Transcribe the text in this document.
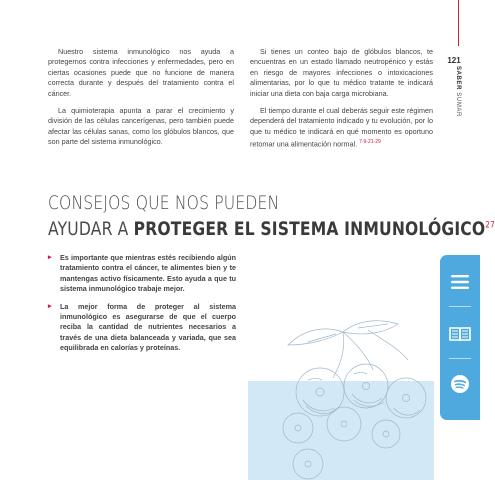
121
SABER SUMAR

Nuestro sistema inmunológico nos ayuda a protegernos contra infecciones y enfermedades, pero en ciertas ocasiones puede que no funcione de manera correcta durante y después del tratamiento contra el cáncer.

La quimioterapia apunta a parar el crecimiento y división de las células cancerígenas, pero también puede afectar las células sanas, como los glóbulos blancos, que son parte del sistema inmunológico.

Si tienes un conteo bajo de glóbulos blancos, te encuentras en un estado llamado neutropénico y estás en riesgo de mayores infecciones o intoxicaciones alimentarias, por lo que tu médico tratante te indicará iniciar una dieta con baja carga microbiana.

El tiempo durante el cual deberás seguir este régimen dependerá del tratamiento indicado y tu evolución, por lo que tu médico te indicará en qué momento es oportuno retomar una alimentación normal. $^{7-9-21-29}$

CONSEJOS QUE NOS PUEDEN
AYUDAR A PROTEGER EL SISTEMA INMUNOLÓGICO$^{27}$
▸ Es importante que mientras estés recibiendo algún tratamiento contra el cáncer, te alimentes bien y te mantengas activo físicamente. Esto ayuda a que tu sistema inmunológico trabaje mejor.
▸ La mejor forma de proteger al sistema inmunológico es asegurarse de que el cuerpo reciba la cantidad de nutrientes necesarios a través de una dieta balanceada y variada, que sea equilibrada en calorías y proteínas.
